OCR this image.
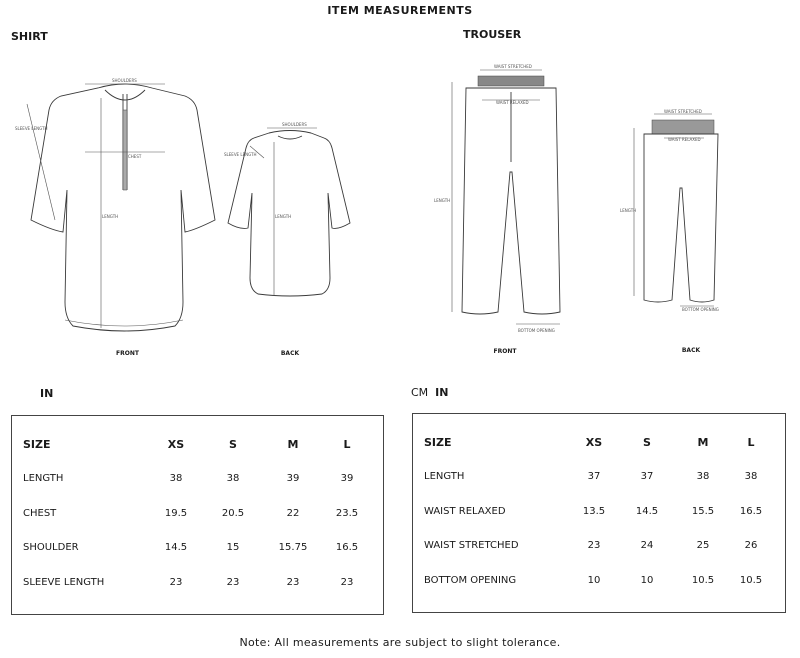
ITEM MEASUREMENTS
SHIRT	TROUSER
SHOULDERS
SLEEVE LENGTH
CHEST
LENGTH
FRONT
SHOULDERS
SLEEVE LENGTH
LENGTH
BACK
WAIST STRETCHED
WAIST RELAXED
LENGTH
BOTTOM OPENING
FRONT
WAIST STRETCHED
WAIST RELAXED
LENGTH
BOTTOM OPENING
BACK
IN	CM IN
SIZE	XS	S	M	L
LENGTH	38	38	39	39
CHEST	19.5	20.5	22	23.5
SHOULDER	14.5	15	15.75	16.5
SLEEVE LENGTH	23	23	23	23
SIZE	XS	S	M	L
LENGTH	37	37	38	38
WAIST RELAXED	13.5	14.5	15.5	16.5
WAIST STRETCHED	23	24	25	26
BOTTOM OPENING	10	10	10.5	10.5
Note: All measurements are subject to slight tolerance.
